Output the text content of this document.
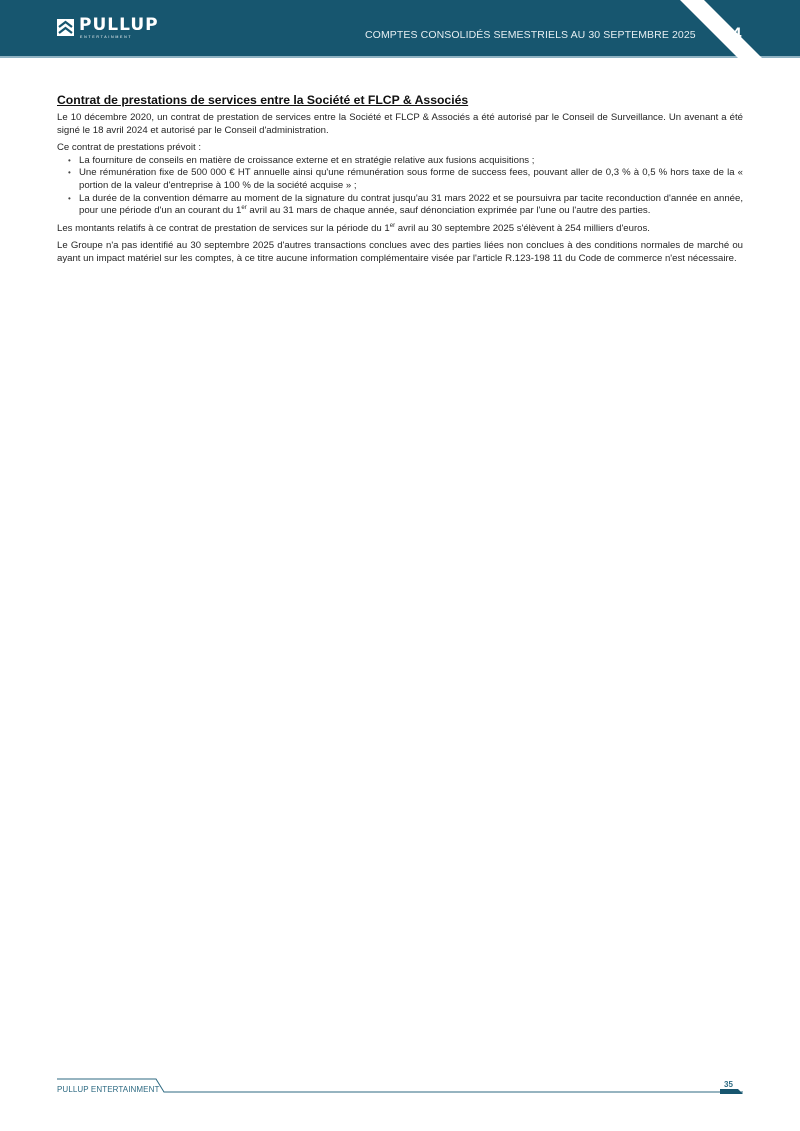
PULLUP
ENTERTAINMENT	COMPTES CONSOLIDÉS SEMESTRIELS AU 30 SEPTEMBRE 2025 4
Contrat de prestations de services entre la Société et FLCP & Associés

Le 10 décembre 2020, un contrat de prestation de services entre la Société et FLCP & Associés a été autorisé par le Conseil de Surveillance. Un avenant a été signé le 18 avril 2024 et autorisé par le Conseil d'administration.

Ce contrat de prestations prévoit :

• La fourniture de conseils en matière de croissance externe et en stratégie relative aux fusions acquisitions ;
• Une rémunération fixe de 500 000 € HT annuelle ainsi qu'une rémunération sous forme de success fees, pouvant aller de 0,3 % à 0,5 % hors taxe de la « portion de la valeur d'entreprise à 100 % de la société acquise » ;
• La durée de la convention démarre au moment de la signature du contrat jusqu'au 31 mars 2022 et se poursuivra par tacite reconduction d'année en année, pour une période d'un an courant du 1er avril au 31 mars de chaque année, sauf dénonciation exprimée par l'une ou l'autre des parties.

Les montants relatifs à ce contrat de prestation de services sur la période du 1er avril au 30 septembre 2025 s'élèvent à 254 milliers d'euros.

Le Groupe n'a pas identifié au 30 septembre 2025 d'autres transactions conclues avec des parties liées non conclues à des conditions normales de marché ou ayant un impact matériel sur les comptes, à ce titre aucune information complémentaire visée par l'article R.123-198 11 du Code de commerce n'est nécessaire.

PULLUP ENTERTAINMENT
35
